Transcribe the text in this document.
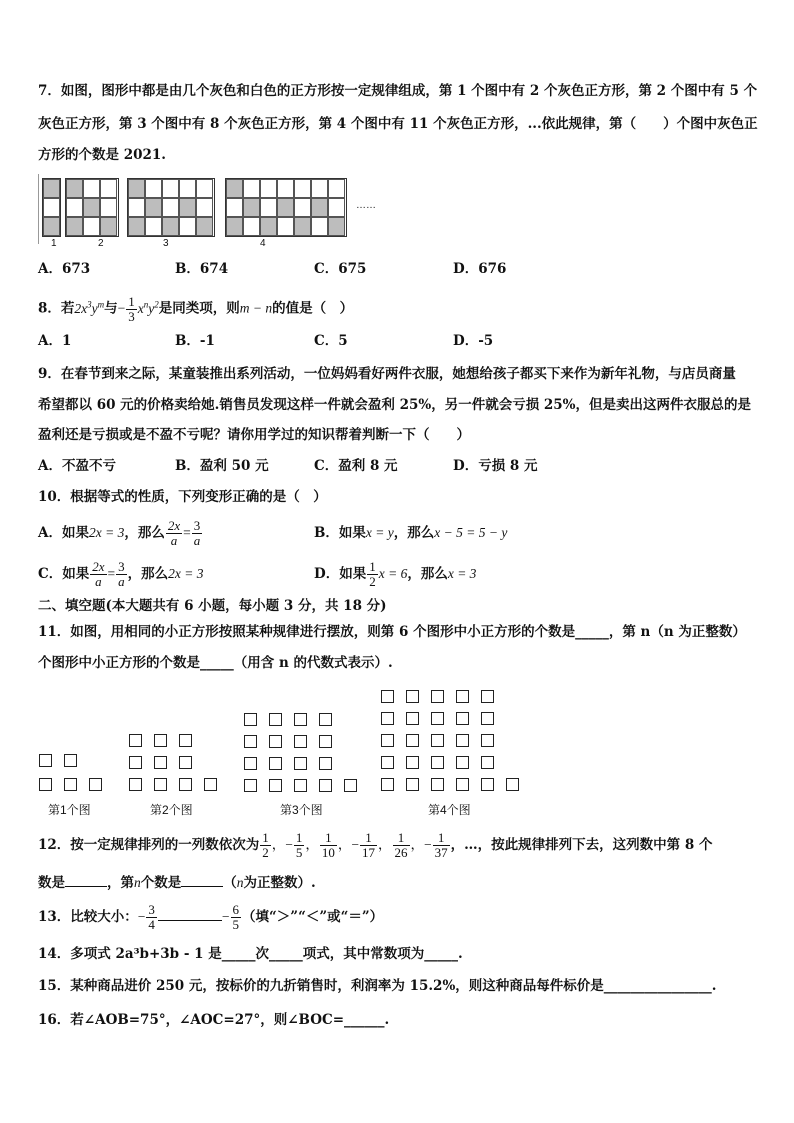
7．如图，图形中都是由几个灰色和白色的正方形按一定规律组成，第 1 个图中有 2 个灰色正方形，第 2 个图中有 5 个
灰色正方形，第 3 个图中有 8 个灰色正方形，第 4 个图中有 11 个灰色正方形，...依此规律，第（　　）个图中灰色正
方形的个数是 2021.
……
1	2	3	4
A．673	B．674	C．675	D．676
8．若$2x^3y^m$与− $\frac{1}{3} x^ny^2$是同类项，则m − n的值是（　）
A．1	B．-1	C．5	D．-5
9．在春节到来之际，某童装推出系列活动，一位妈妈看好两件衣服，她想给孩子都买下来作为新年礼物，与店员商量
希望都以 60 元的价格卖给她.销售员发现这样一件就会盈利 25%，另一件就会亏损 25%，但是卖出这两件衣服总的是
盈利还是亏损或是不盈不亏呢？请你用学过的知识帮着判断一下（　　）
A．不盈不亏	B．盈利 50 元	C．盈利 8 元	D．亏损 8 元
10．根据等式的性质，下列变形正确的是（　）
A．如果2x = 3，那么 $\frac{2x}{a} = \frac{3}{a}$	B．如果x = y，那么x − 5 = 5 − y
C．如果 $\frac{2x}{a} = \frac{3}{a}$ ，那么2x = 3	D．如果 $\frac{1}{2}$ x = 6，那么x = 3
二、填空题(本大题共有 6 小题，每小题 3 分，共 18 分)
11．如图，用相同的小正方形按照某种规律进行摆放，则第 6 个图形中小正方形的个数是_____，第 n（n 为正整数）
个图形中小正方形的个数是_____（用含 n 的代数式表示）.
第1个图	第2个图	第3个图	第4个图
12．按一定规律排列的一列数依次为 $\frac{1}{2}$ ，− $\frac{1}{5}$ ， $\frac{1}{10}$ ，− $\frac{1}{17}$ ， $\frac{1}{26}$ ，− $\frac{1}{37}$ ，…，按此规律排列下去，这列数中第 8 个
数是	，第n个数是	（n为正整数）.
13．比较大小：− $\frac{3}{4}$	− $\frac{6}{5}$ （填“＞”“＜”或“＝”）
14．多项式 2a³b+3b - 1 是_____次_____项式，其中常数项为_____.
15．某种商品进价 250 元，按标价的九折销售时，利润率为 15.2%，则这种商品每件标价是________________.
16．若∠AOB=75°，∠AOC=27°，则∠BOC=______.
